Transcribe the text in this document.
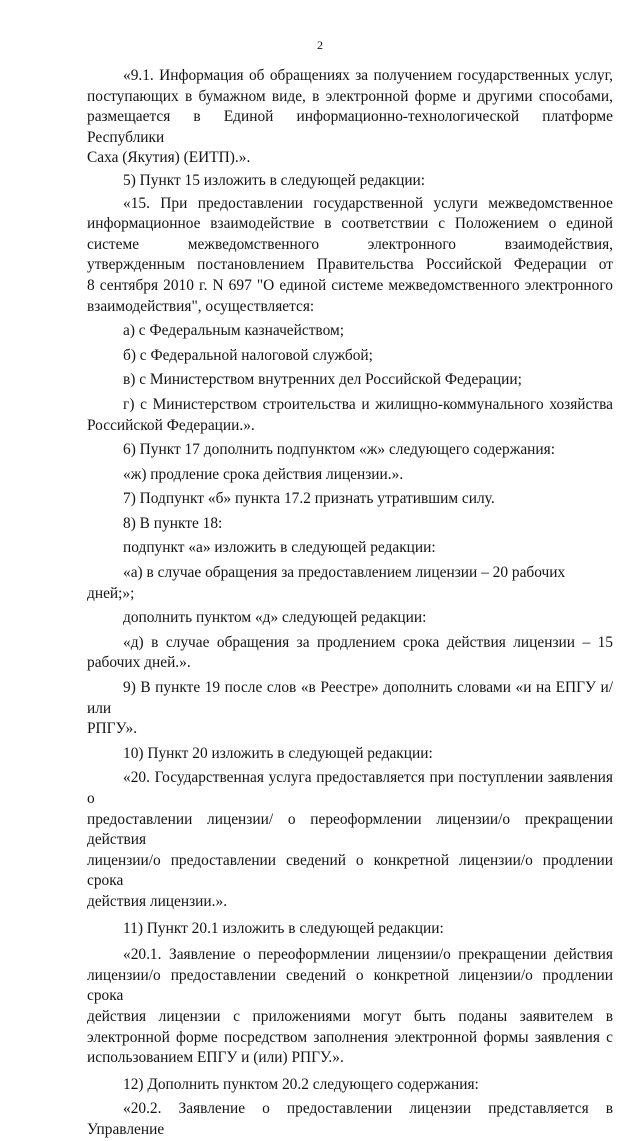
2

«9.1. Информация об обращениях за получением государственных услуг,

поступающих в бумажном виде, в электронной форме и другими способами,

размещается в Единой информационно-технологической платформе Республики

Саха (Якутия) (ЕИТП).».

5) Пункт 15 изложить в следующей редакции:

«15. При предоставлении государственной услуги межведомственное

информационное взаимодействие в соответствии с Положением о единой

системе	межведомственного	электронного	взаимодействия,

утвержденным постановлением Правительства Российской Федерации от

8 сентября 2010 г. N 697 "О единой системе межведомственного электронного

взаимодействия", осуществляется:

а) с Федеральным казначейством;

б) с Федеральной налоговой службой;

в) с Министерством внутренних дел Российской Федерации;

г) с Министерством строительства и жилищно-коммунального хозяйства

Российской Федерации.».

6) Пункт 17 дополнить подпунктом «ж» следующего содержания:

«ж) продление срока действия лицензии.».

7) Подпункт «б» пункта 17.2 признать утратившим силу.

8) В пункте 18:

подпункт «а» изложить в следующей редакции:

«а) в случае обращения за предоставлением лицензии – 20 рабочих дней;»;

дополнить пунктом «д» следующей редакции:

«д) в случае обращения за продлением срока действия лицензии – 15

рабочих дней.».

9) В пункте 19 после слов «в Реестре» дополнить словами «и на ЕПГУ и/или

РПГУ».

10) Пункт 20 изложить в следующей редакции:

«20. Государственная услуга предоставляется при поступлении заявления о

предоставлении лицензии/ о переоформлении лицензии/о прекращении действия

лицензии/о предоставлении сведений о конкретной лицензии/о продлении срока

действия лицензии.».

11) Пункт 20.1 изложить в следующей редакции:

«20.1. Заявление о переоформлении лицензии/о прекращении действия

лицензии/о предоставлении сведений о конкретной лицензии/о продлении срока

действия лицензии с приложениями могут быть поданы заявителем в

электронной форме посредством заполнения электронной формы заявления с

использованием ЕПГУ и (или) РПГУ.».

12) Дополнить пунктом 20.2 следующего содержания:

«20.2. Заявление о предоставлении лицензии представляется в Управление
